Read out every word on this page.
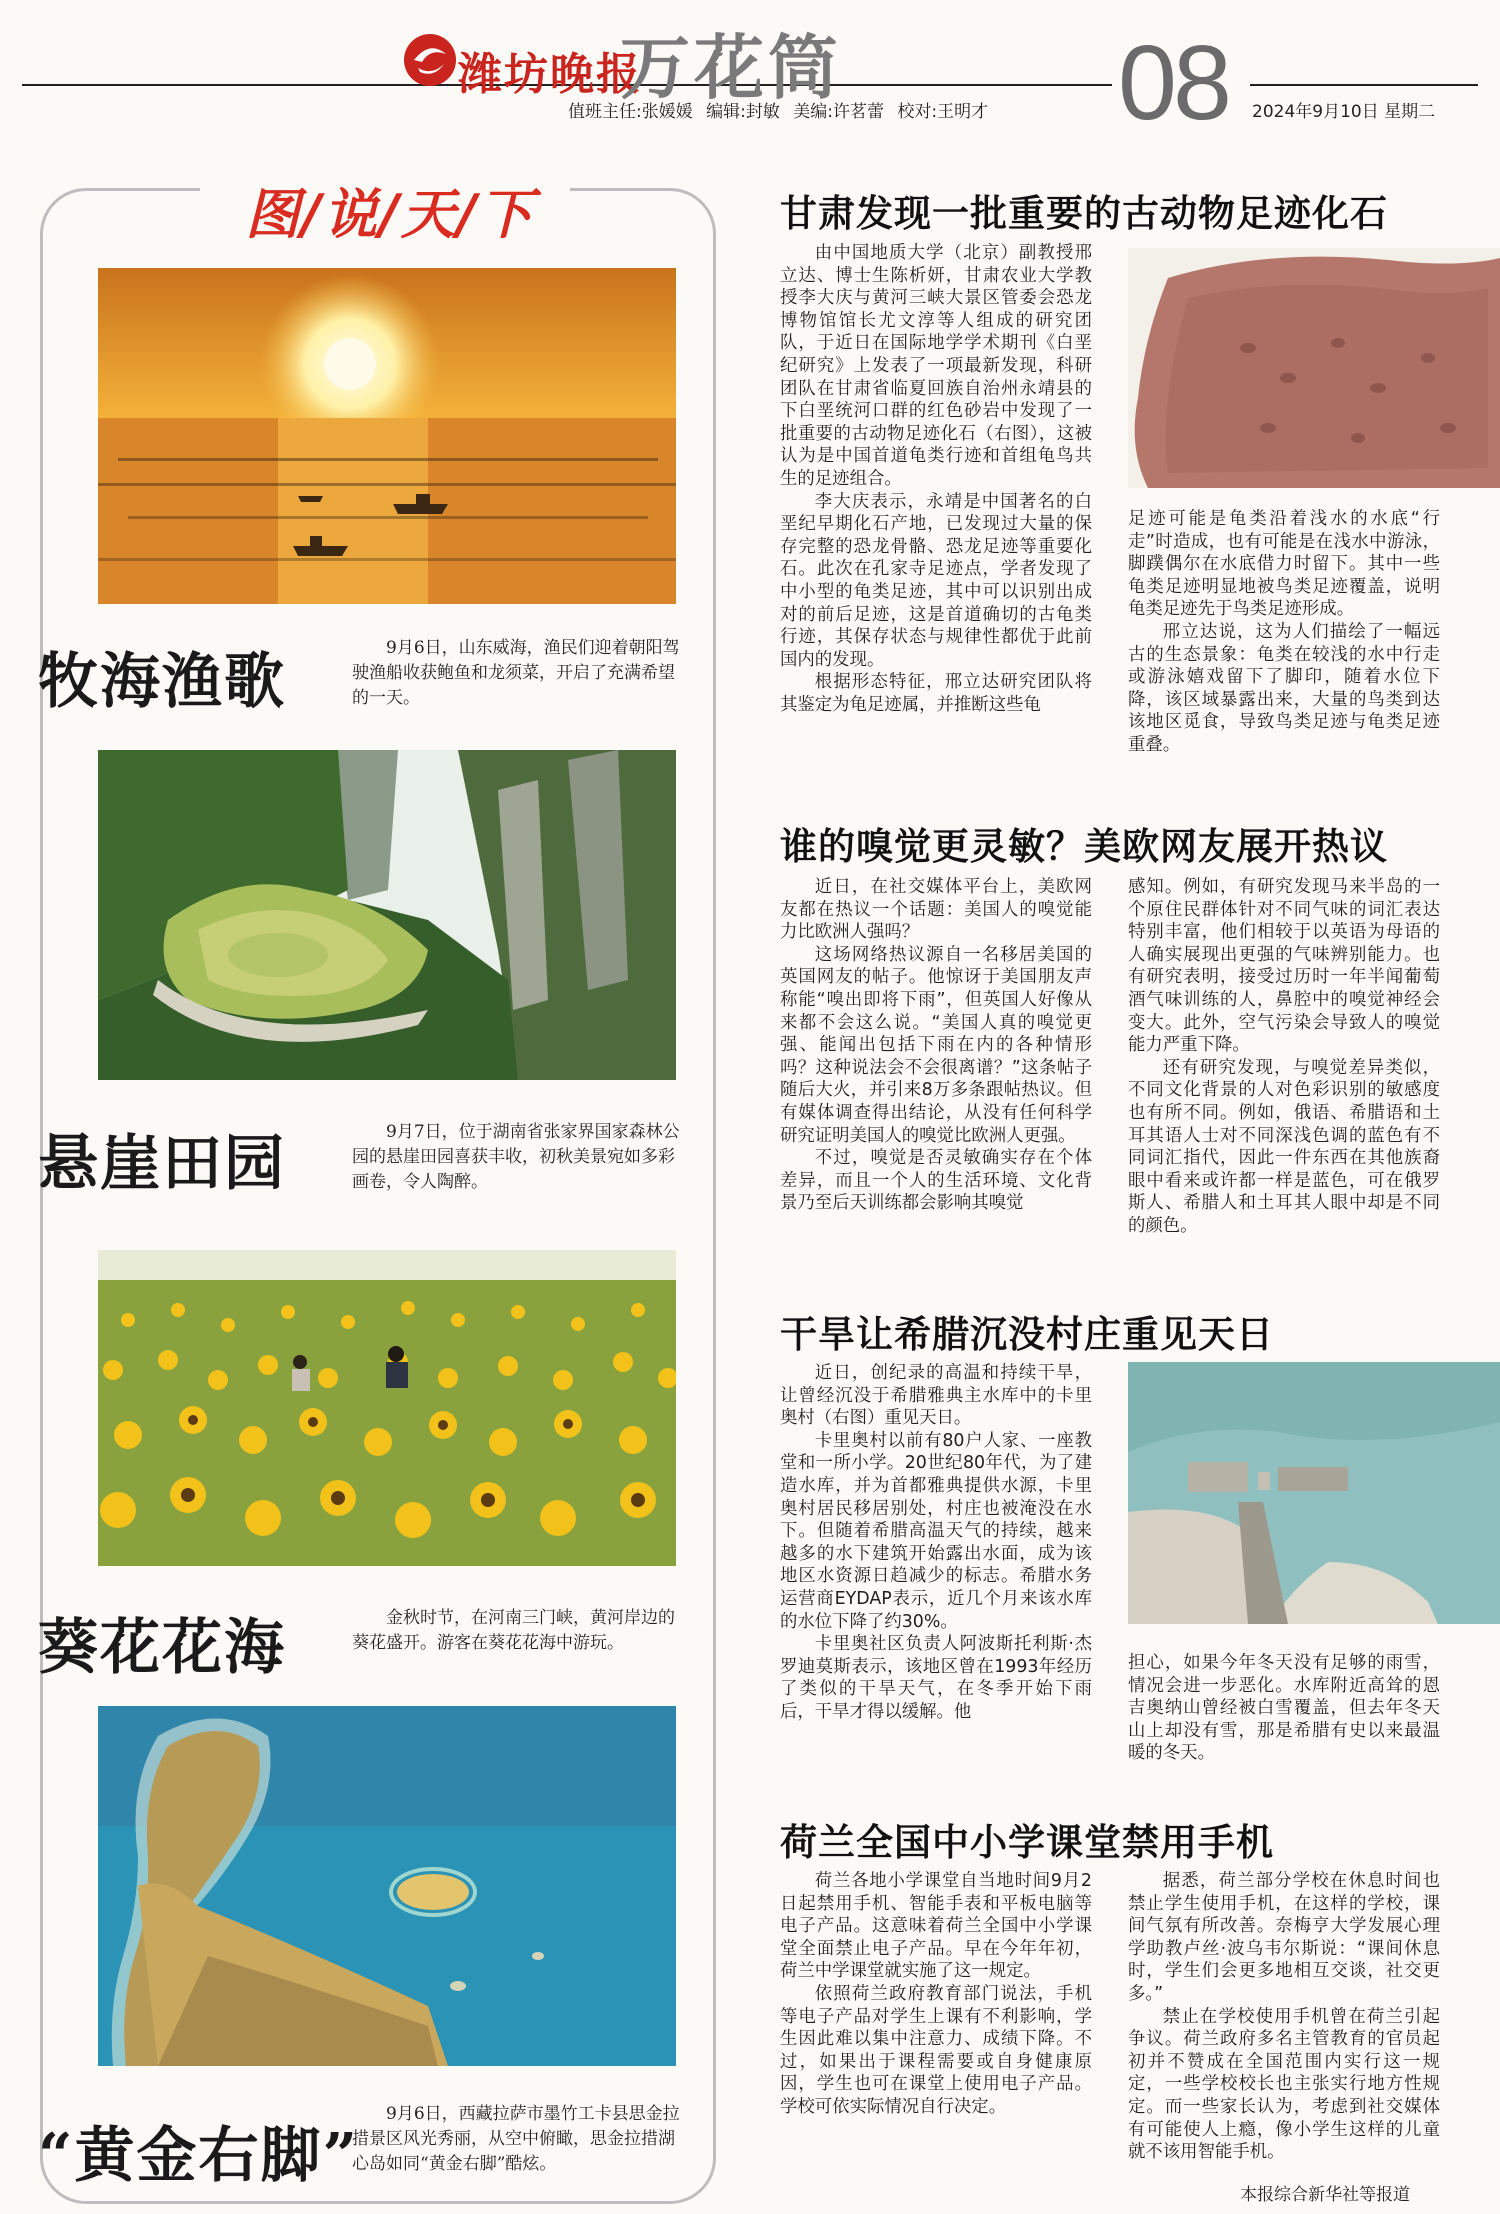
潍坊晚报
万花筒	08
值班主任:张媛媛 编辑:封敏 美编:许茗蕾 校对:王明才	2024年9月10日 星期二
图/说/天/下
牧海渔歌	9月6日，山东威海，渔民们迎着朝阳驾驶渔船收获鲍鱼和龙须菜，开启了充满希望的一天。
悬崖田园	9月7日，位于湖南省张家界国家森林公园的悬崖田园喜获丰收，初秋美景宛如多彩画卷，令人陶醉。
葵花花海	金秋时节，在河南三门峡，黄河岸边的葵花盛开。游客在葵花花海中游玩。
“黄金右脚”
9月6日，西藏拉萨市墨竹工卡县思金拉措景区风光秀丽，从空中俯瞰，思金拉措湖心岛如同“黄金右脚”酷炫。
甘肃发现一批重要的古动物足迹化石

由中国地质大学（北京）副教授邢立达、博士生陈析妍，甘肃农业大学教授李大庆与黄河三峡大景区管委会恐龙博物馆馆长尤文淳等人组成的研究团队，于近日在国际地学学术期刊《白垩纪研究》上发表了一项最新发现，科研团队在甘肃省临夏回族自治州永靖县的下白垩统河口群的红色砂岩中发现了一批重要的古动物足迹化石（右图），这被认为是中国首道龟类行迹和首组龟鸟共生的足迹组合。

李大庆表示，永靖是中国著名的白垩纪早期化石产地，已发现过大量的保存完整的恐龙骨骼、恐龙足迹等重要化石。此次在孔家寺足迹点，学者发现了中小型的龟类足迹，其中可以识别出成对的前后足迹，这是首道确切的古龟类行迹，其保存状态与规律性都优于此前国内的发现。

根据形态特征，邢立达研究团队将其鉴定为龟足迹属，并推断这些龟

足迹可能是龟类沿着浅水的水底“行走”时造成，也有可能是在浅水中游泳，脚蹼偶尔在水底借力时留下。其中一些龟类足迹明显地被鸟类足迹覆盖，说明龟类足迹先于鸟类足迹形成。

邢立达说，这为人们描绘了一幅远古的生态景象：龟类在较浅的水中行走或游泳嬉戏留下了脚印，随着水位下降，该区域暴露出来，大量的鸟类到达该地区觅食，导致鸟类足迹与龟类足迹重叠。

谁的嗅觉更灵敏？美欧网友展开热议

近日，在社交媒体平台上，美欧网友都在热议一个话题：美国人的嗅觉能力比欧洲人强吗？

这场网络热议源自一名移居美国的英国网友的帖子。他惊讶于美国朋友声称能“嗅出即将下雨”，但英国人好像从来都不会这么说。“美国人真的嗅觉更强、能闻出包括下雨在内的各种情形吗？这种说法会不会很离谱？”这条帖子随后大火，并引来8万多条跟帖热议。但有媒体调查得出结论，从没有任何科学研究证明美国人的嗅觉比欧洲人更强。

不过，嗅觉是否灵敏确实存在个体差异，而且一个人的生活环境、文化背景乃至后天训练都会影响其嗅觉

感知。例如，有研究发现马来半岛的一个原住民群体针对不同气味的词汇表达特别丰富，他们相较于以英语为母语的人确实展现出更强的气味辨别能力。也有研究表明，接受过历时一年半闻葡萄酒气味训练的人，鼻腔中的嗅觉神经会变大。此外，空气污染会导致人的嗅觉能力严重下降。

还有研究发现，与嗅觉差异类似，不同文化背景的人对色彩识别的敏感度也有所不同。例如，俄语、希腊语和土耳其语人士对不同深浅色调的蓝色有不同词汇指代，因此一件东西在其他族裔眼中看来或许都一样是蓝色，可在俄罗斯人、希腊人和土耳其人眼中却是不同的颜色。

干旱让希腊沉没村庄重见天日

近日，创纪录的高温和持续干旱，让曾经沉没于希腊雅典主水库中的卡里奥村（右图）重见天日。

卡里奥村以前有80户人家、一座教堂和一所小学。20世纪80年代，为了建造水库，并为首都雅典提供水源，卡里奥村居民移居别处，村庄也被淹没在水下。但随着希腊高温天气的持续，越来越多的水下建筑开始露出水面，成为该地区水资源日趋减少的标志。希腊水务运营商EYDAP表示，近几个月来该水库的水位下降了约30%。

卡里奥社区负责人阿波斯托利斯·杰罗迪莫斯表示，该地区曾在1993年经历了类似的干旱天气，在冬季开始下雨后，干旱才得以缓解。他

担心，如果今年冬天没有足够的雨雪，情况会进一步恶化。水库附近高耸的恩吉奥纳山曾经被白雪覆盖，但去年冬天山上却没有雪，那是希腊有史以来最温暖的冬天。

荷兰全国中小学课堂禁用手机

荷兰各地小学课堂自当地时间9月2日起禁用手机、智能手表和平板电脑等电子产品。这意味着荷兰全国中小学课堂全面禁止电子产品。早在今年年初，荷兰中学课堂就实施了这一规定。

依照荷兰政府教育部门说法，手机等电子产品对学生上课有不利影响，学生因此难以集中注意力、成绩下降。不过，如果出于课程需要或自身健康原因，学生也可在课堂上使用电子产品。学校可依实际情况自行决定。

据悉，荷兰部分学校在休息时间也禁止学生使用手机，在这样的学校，课间气氛有所改善。奈梅亨大学发展心理学助教卢丝·波乌韦尔斯说：“课间休息时，学生们会更多地相互交谈，社交更多。”

禁止在学校使用手机曾在荷兰引起争议。荷兰政府多名主管教育的官员起初并不赞成在全国范围内实行这一规定，一些学校校长也主张实行地方性规定。而一些家长认为，考虑到社交媒体有可能使人上瘾，像小学生这样的儿童就不该用智能手机。

本报综合新华社等报道
